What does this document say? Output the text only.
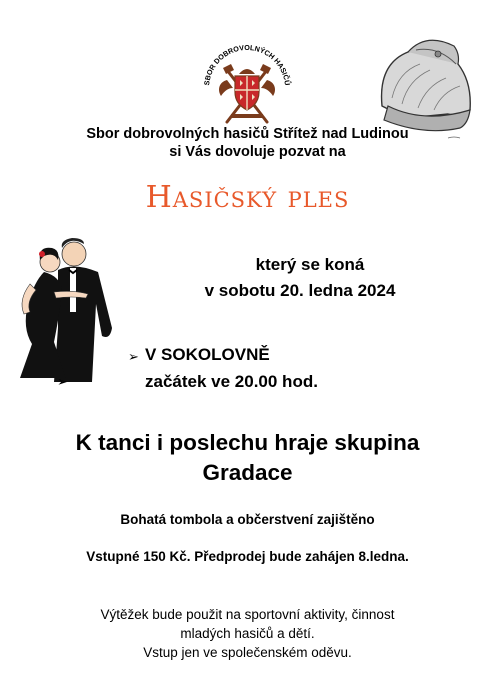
SBOR DOBROVOLNÝCH HASIČŮ
Sbor dobrovolných hasičů Střítež nad Ludinou
si Vás dovoluje pozvat na
Hasičský ples
který se koná
v sobotu 20. ledna 2024
➢
➢
V SOKOLOVNĚ
začátek ve 20.00 hod.
K tanci i poslechu hraje skupina
Gradace
Bohatá tombola a občerstvení zajištěno
Vstupné 150 Kč. Předprodej bude zahájen 8.ledna.
Výtěžek bude použit na sportovní aktivity, činnost
mladých hasičů a dětí.
Vstup jen ve společenském oděvu.
